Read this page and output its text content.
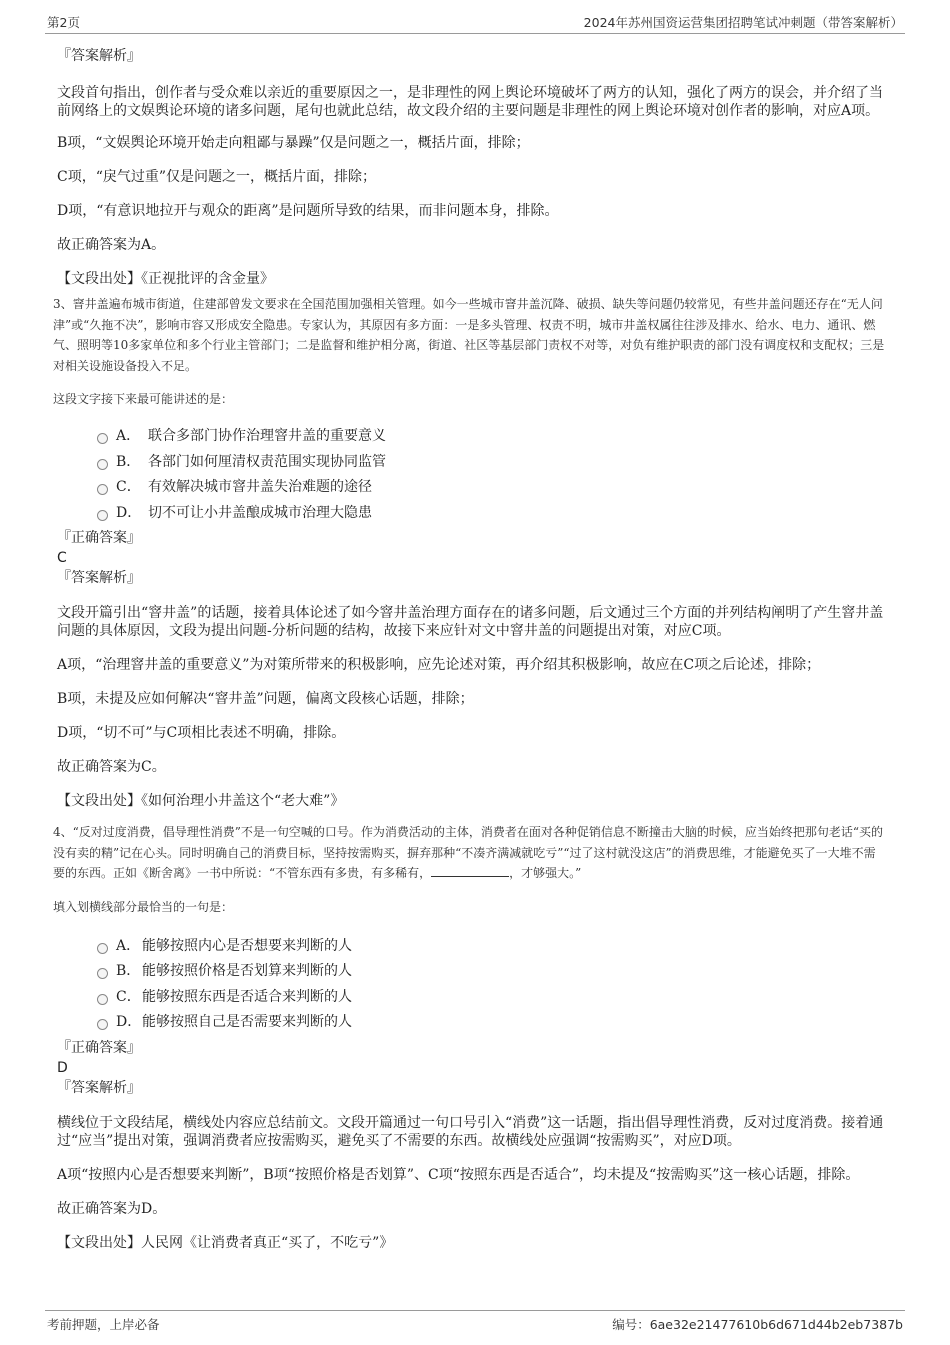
第2页	2024年苏州国资运营集团招聘笔试冲刺题（带答案解析）
『答案解析』

文段首句指出，创作者与受众难以亲近的重要原因之一，是非理性的网上舆论环境破坏了两方的认知，强化了两方的误会，并介绍了当前网络上的文娱舆论环境的诸多问题，尾句也就此总结，故文段介绍的主要问题是非理性的网上舆论环境对创作者的影响，对应A项。

B项，“文娱舆论环境开始走向粗鄙与暴躁”仅是问题之一，概括片面，排除；

C项，“戾气过重”仅是问题之一，概括片面，排除；

D项，“有意识地拉开与观众的距离”是问题所导致的结果，而非问题本身，排除。

故正确答案为A。

【文段出处】《正视批评的含金量》

3、窨井盖遍布城市街道，住建部曾发文要求在全国范围加强相关管理。如今一些城市窨井盖沉降、破损、缺失等问题仍较常见，有些井盖问题还存在“无人问津”或“久拖不决”，影响市容又形成安全隐患。专家认为，其原因有多方面：一是多头管理、权责不明，城市井盖权属往往涉及排水、给水、电力、通讯、燃气、照明等10多家单位和多个行业主管部门；二是监督和维护相分离，街道、社区等基层部门责权不对等，对负有维护职责的部门没有调度权和支配权；三是对相关设施设备投入不足。

这段文字接下来最可能讲述的是：

A． 联合多部门协作治理窨井盖的重要意义
B． 各部门如何厘清权责范围实现协同监管
C． 有效解决城市窨井盖失治难题的途径
D． 切不可让小井盖酿成城市治理大隐患
『正确答案』
C
『答案解析』

文段开篇引出“窨井盖”的话题，接着具体论述了如今窨井盖治理方面存在的诸多问题，后文通过三个方面的并列结构阐明了产生窨井盖问题的具体原因，文段为提出问题-分析问题的结构，故接下来应针对文中窨井盖的问题提出对策，对应C项。

A项，“治理窨井盖的重要意义”为对策所带来的积极影响，应先论述对策，再介绍其积极影响，故应在C项之后论述，排除；

B项，未提及应如何解决“窨井盖”问题，偏离文段核心话题，排除；

D项，“切不可”与C项相比表述不明确，排除。

故正确答案为C。

【文段出处】《如何治理小井盖这个“老大难”》

4、“反对过度消费，倡导理性消费”不是一句空喊的口号。作为消费活动的主体，消费者在面对各种促销信息不断撞击大脑的时候，应当始终把那句老话“买的没有卖的精”记在心头。同时明确自己的消费目标，坚持按需购买，摒弃那种“不凑齐满减就吃亏”“过了这村就没这店”的消费思维，才能避免买了一大堆不需要的东西。正如《断舍离》一书中所说：“不管东西有多贵，有多稀有，	，才够强大。”

填入划横线部分最恰当的一句是：

A． 能够按照内心是否想要来判断的人
B． 能够按照价格是否划算来判断的人
C． 能够按照东西是否适合来判断的人
D． 能够按照自己是否需要来判断的人
『正确答案』
D
『答案解析』

横线位于文段结尾，横线处内容应总结前文。文段开篇通过一句口号引入“消费”这一话题，指出倡导理性消费，反对过度消费。接着通过“应当”提出对策，强调消费者应按需购买，避免买了不需要的东西。故横线处应强调“按需购买”，对应D项。

A项“按照内心是否想要来判断”，B项“按照价格是否划算”、C项“按照东西是否适合”，均未提及“按需购买”这一核心话题，排除。

故正确答案为D。

【文段出处】人民网《让消费者真正“买了，不吃亏”》

考前押题，上岸必备	编号：6ae32e21477610b6d671d44b2eb7387b
